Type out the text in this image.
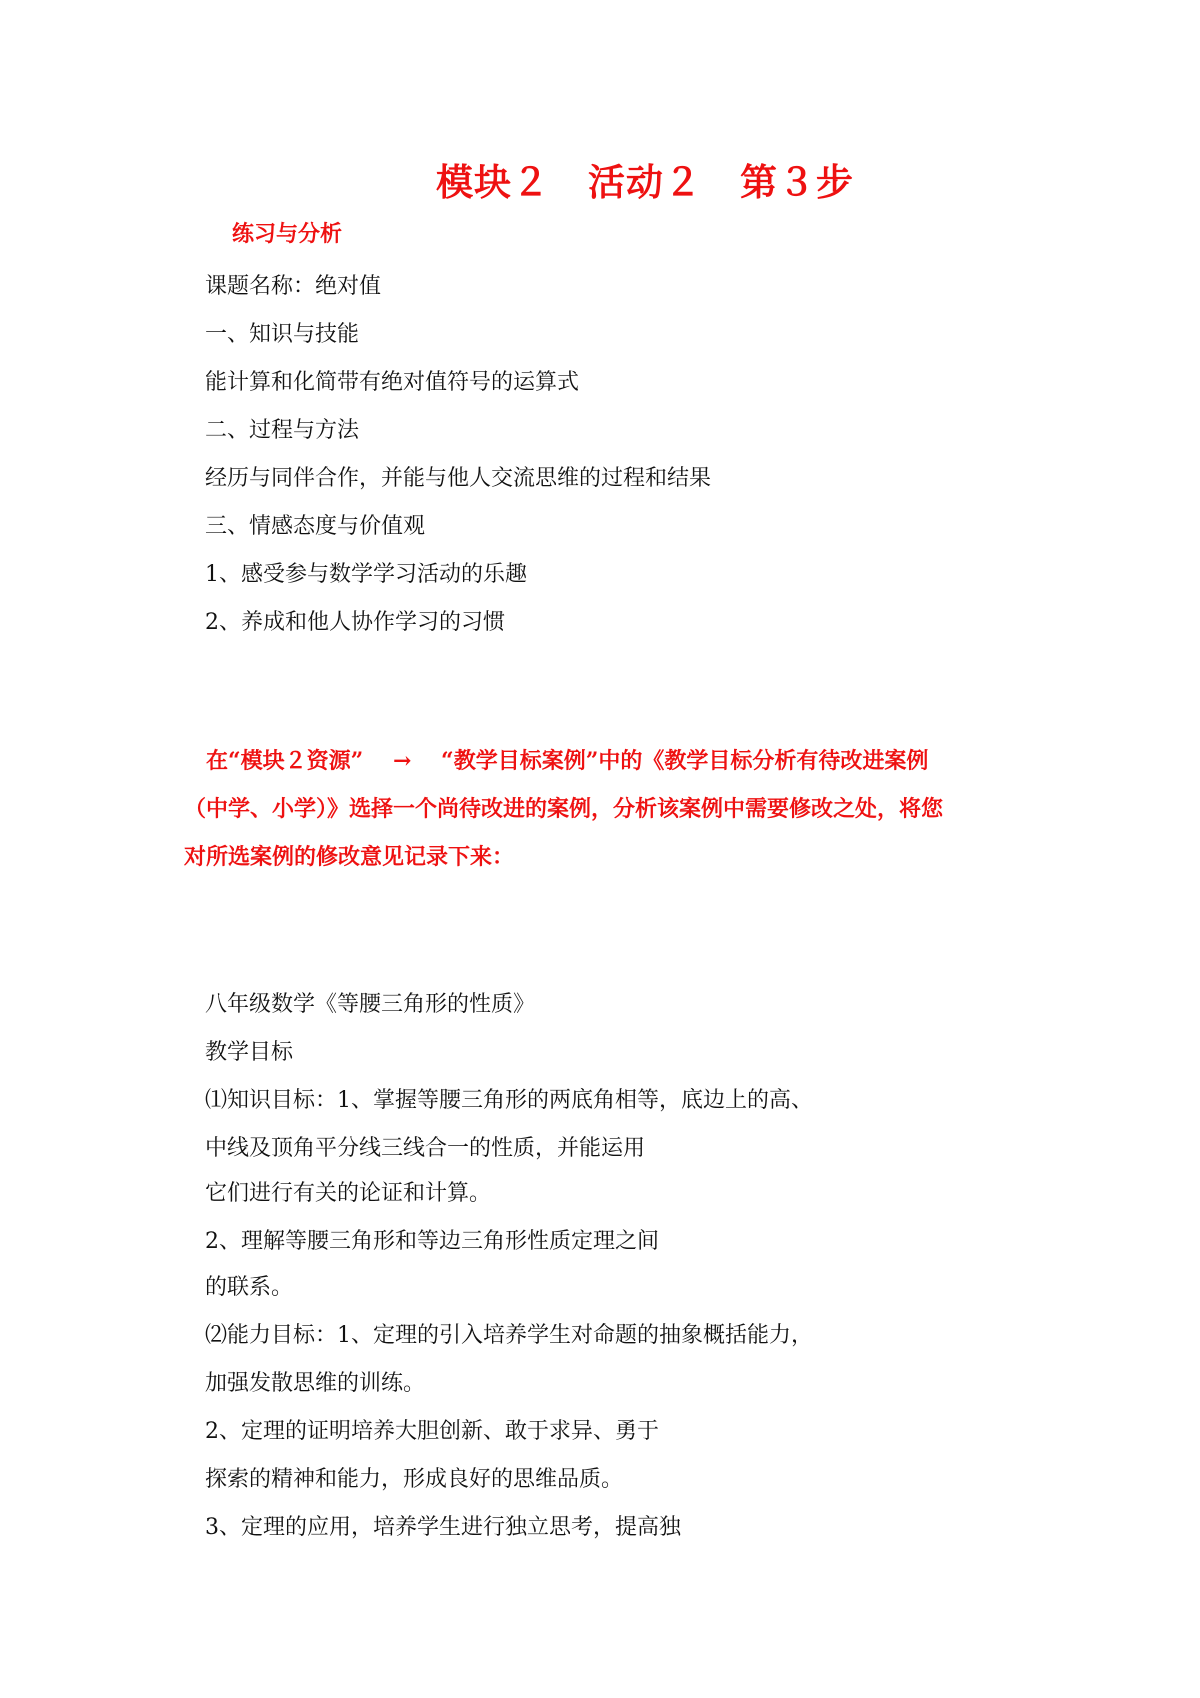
模块２　活动２　第３步
练习与分析
课题名称：绝对值
一、知识与技能
能计算和化简带有绝对值符号的运算式
二、过程与方法
经历与同伴合作，并能与他人交流思维的过程和结果
三、情感态度与价值观
1、感受参与数学学习活动的乐趣
2、养成和他人协作学习的习惯
在“模块２资源”　 →　 “教学目标案例”中的《教学目标分析有待改进案例
（中学、小学）》选择一个尚待改进的案例，分析该案例中需要修改之处，将您
对所选案例的修改意见记录下来：
八年级数学《等腰三角形的性质》
教学目标
⑴知识目标：1、掌握等腰三角形的两底角相等，底边上的高、
中线及顶角平分线三线合一的性质，并能运用
它们进行有关的论证和计算。
2、理解等腰三角形和等边三角形性质定理之间
的联系。
⑵能力目标：1、定理的引入培养学生对命题的抽象概括能力，
加强发散思维的训练。
2、定理的证明培养大胆创新、敢于求异、勇于
探索的精神和能力，形成良好的思维品质。
3、定理的应用，培养学生进行独立思考，提高独
